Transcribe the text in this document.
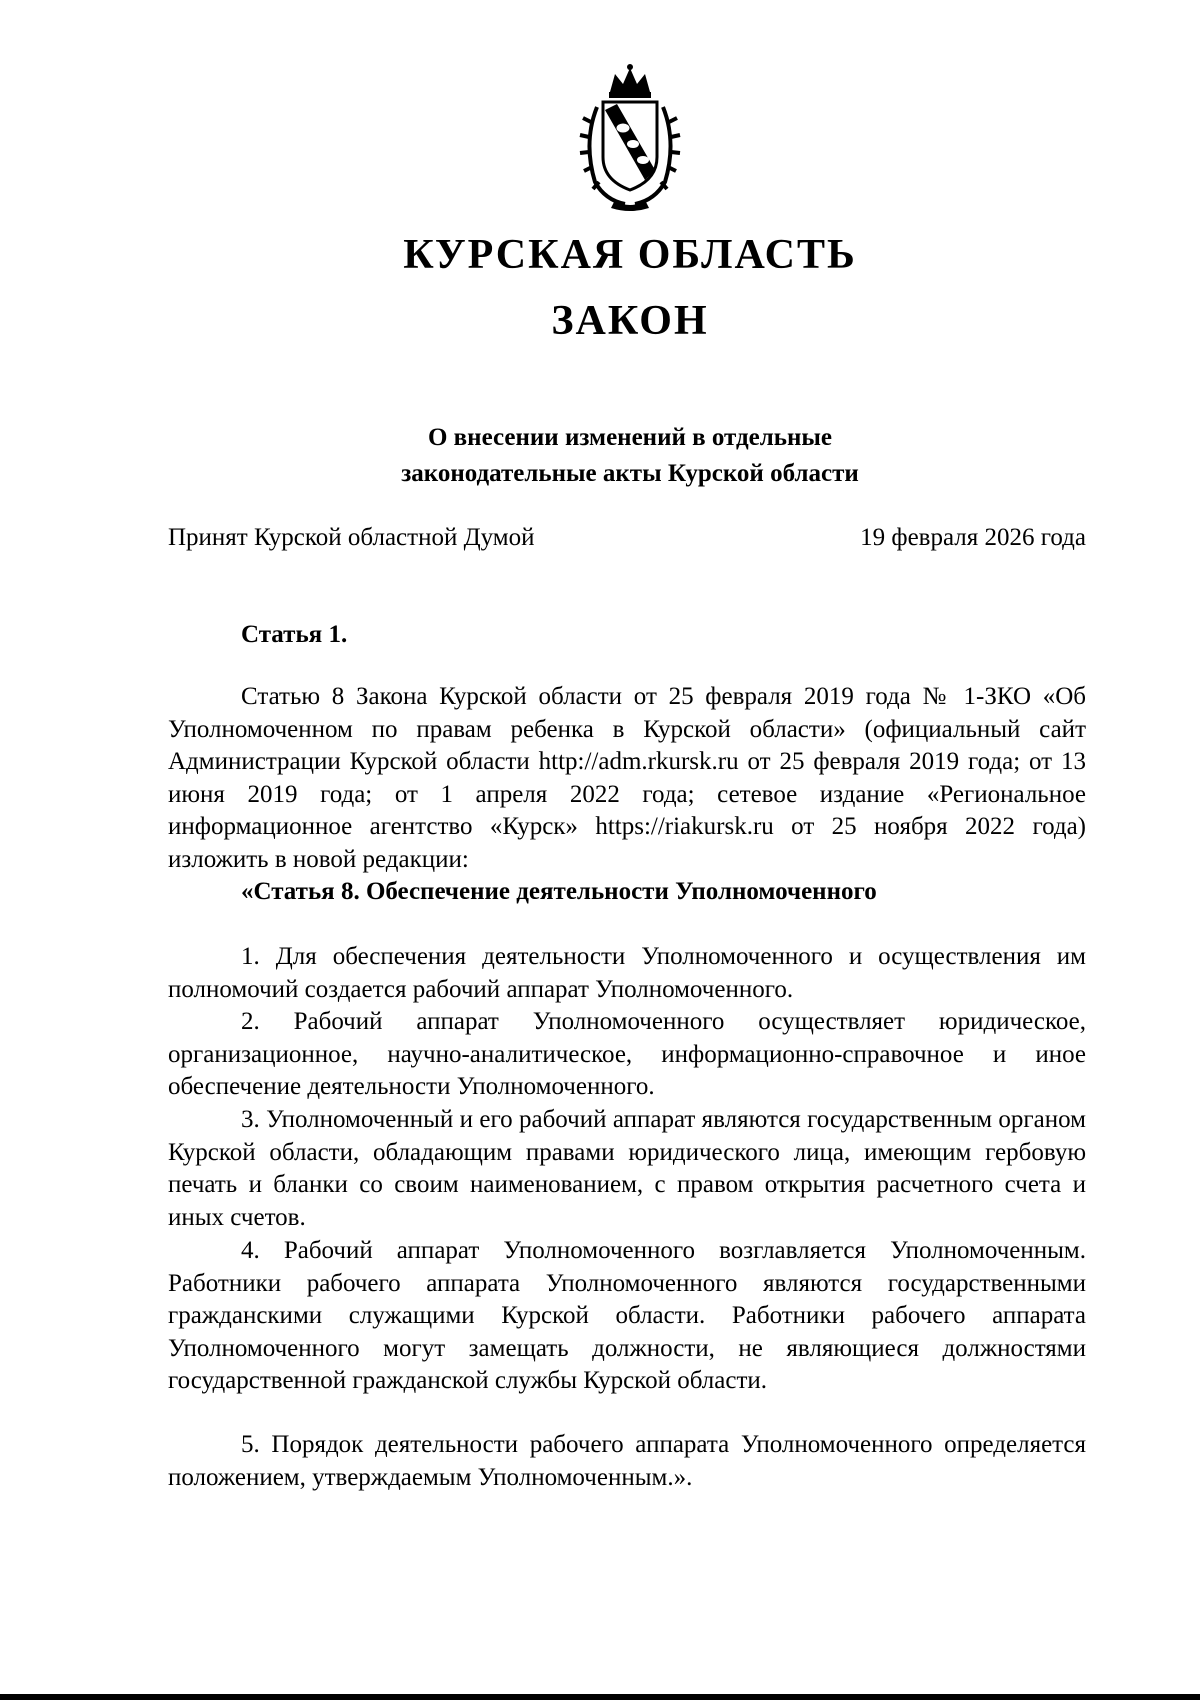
КУРСКАЯ ОБЛАСТЬ
ЗАКОН
О внесении изменений в отдельные
законодательные акты Курской области
Принят Курской областной Думой	19 февраля 2026 года
Статья 1.

Статью 8 Закона Курской области от 25 февраля 2019 года № 1-ЗКО «Об Уполномоченном по правам ребенка в Курской области» (официальный сайт Администрации Курской области http://adm.rkursk.ru от 25 февраля 2019 года; от 13 июня 2019 года; от 1 апреля 2022 года; сетевое издание «Региональное информационное агентство «Курск» https://riakursk.ru от 25 ноября 2022 года) изложить в новой редакции:

«Статья 8. Обеспечение деятельности Уполномоченного

1. Для обеспечения деятельности Уполномоченного и осуществления им полномочий создается рабочий аппарат Уполномоченного.

2. Рабочий аппарат Уполномоченного осуществляет юридическое, организационное, научно-аналитическое, информационно-справочное и иное обеспечение деятельности Уполномоченного.

3. Уполномоченный и его рабочий аппарат являются государственным органом Курской области, обладающим правами юридического лица, имеющим гербовую печать и бланки со своим наименованием, с правом открытия расчетного счета и иных счетов.

4. Рабочий аппарат Уполномоченного возглавляется Уполномоченным. Работники рабочего аппарата Уполномоченного являются государственными гражданскими служащими Курской области. Работники рабочего аппарата Уполномоченного могут замещать должности, не являющиеся должностями государственной гражданской службы Курской области.

5. Порядок деятельности рабочего аппарата Уполномоченного определяется положением, утверждаемым Уполномоченным.».
